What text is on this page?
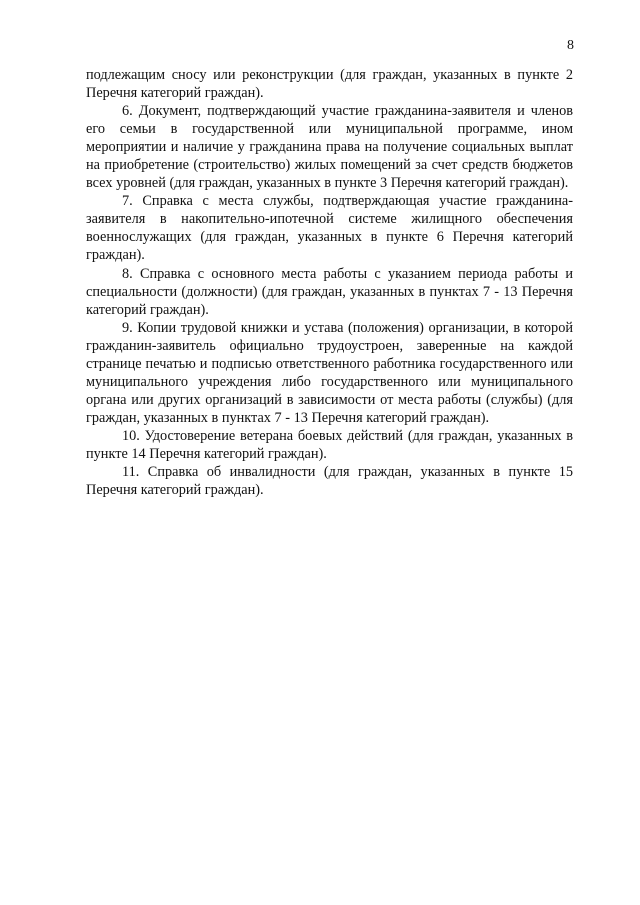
8

подлежащим сносу или реконструкции (для граждан, указанных в пункте 2 Перечня категорий граждан).

6. Документ, подтверждающий участие гражданина-заявителя и членов его семьи в государственной или муниципальной программе, ином мероприятии и наличие у гражданина права на получение социальных выплат на приобретение (строительство) жилых помещений за счет средств бюджетов всех уровней (для граждан, указанных в пункте 3 Перечня категорий граждан).

7. Справка с места службы, подтверждающая участие гражданина-заявителя в накопительно-ипотечной системе жилищного обеспечения военнослужащих (для граждан, указанных в пункте 6 Перечня категорий граждан).

8. Справка с основного места работы с указанием периода работы и специальности (должности) (для граждан, указанных в пунктах 7 - 13 Перечня категорий граждан).

9. Копии трудовой книжки и устава (положения) организации, в которой гражданин-заявитель официально трудоустроен, заверенные на каждой странице печатью и подписью ответственного работника государственного или муниципального учреждения либо государственного или муниципального органа или других организаций в зависимости от места работы (службы) (для граждан, указанных в пунктах 7 - 13 Перечня категорий граждан).

10. Удостоверение ветерана боевых действий (для граждан, указанных в пункте 14 Перечня категорий граждан).

11. Справка об инвалидности (для граждан, указанных в пункте 15 Перечня категорий граждан).
